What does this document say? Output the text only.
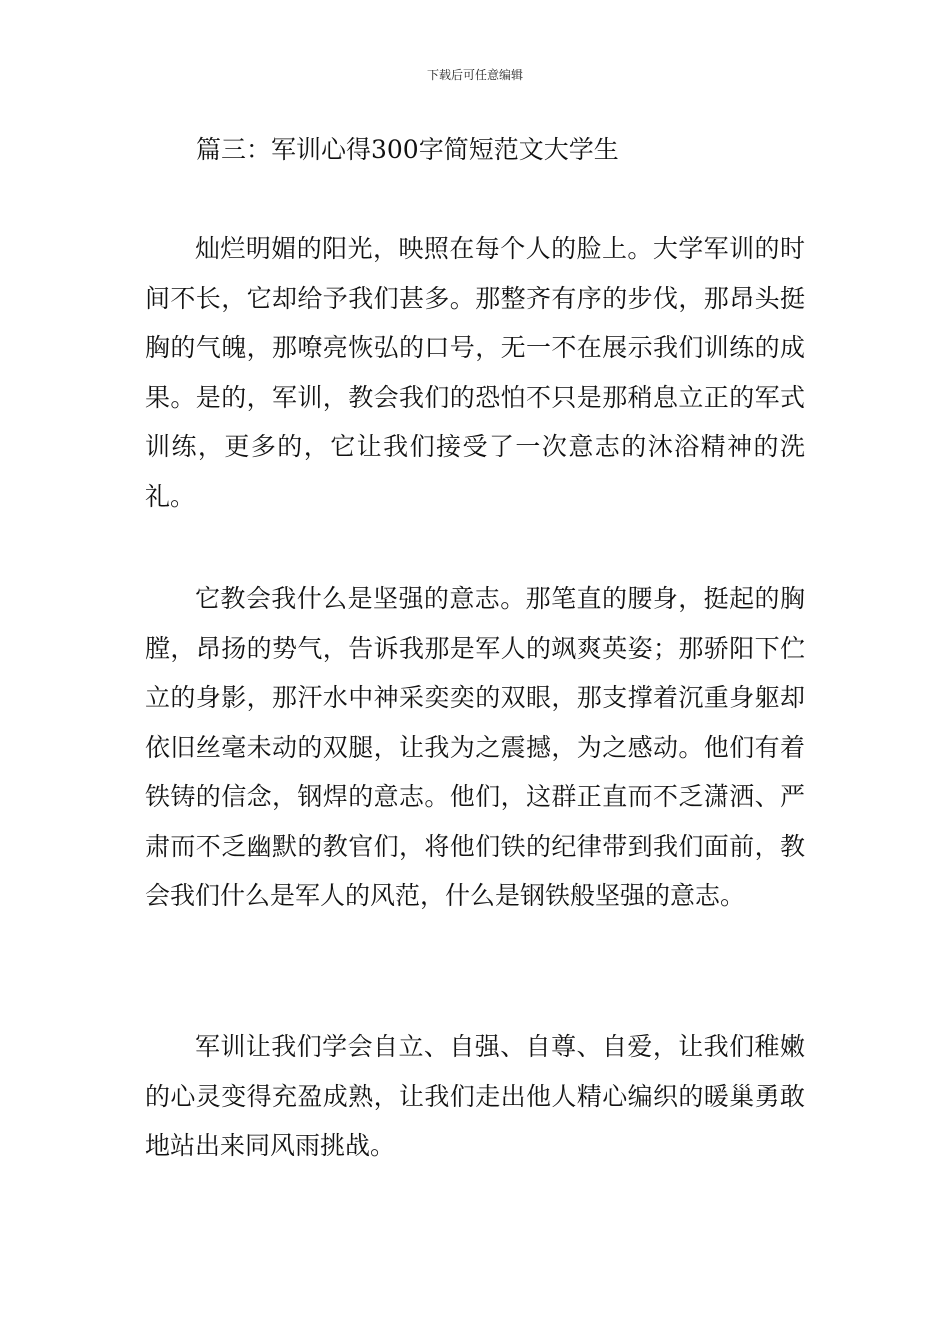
下载后可任意编辑
篇三：军训心得300字简短范文大学生

灿烂明媚的阳光，映照在每个人的脸上。大学军训的时间不长，它却给予我们甚多。那整齐有序的步伐，那昂头挺胸的气魄，那嘹亮恢弘的口号，无一不在展示我们训练的成果。是的，军训，教会我们的恐怕不只是那稍息立正的军式训练，更多的，它让我们接受了一次意志的沐浴精神的洗礼。

它教会我什么是坚强的意志。那笔直的腰身，挺起的胸膛，昂扬的势气，告诉我那是军人的飒爽英姿；那骄阳下伫立的身影，那汗水中神采奕奕的双眼，那支撑着沉重身躯却依旧丝毫未动的双腿，让我为之震撼，为之感动。他们有着铁铸的信念，钢焊的意志。他们，这群正直而不乏潇洒、严肃而不乏幽默的教官们，将他们铁的纪律带到我们面前，教会我们什么是军人的风范，什么是钢铁般坚强的意志。

军训让我们学会自立、自强、自尊、自爱，让我们稚嫩的心灵变得充盈成熟，让我们走出他人精心编织的暖巢勇敢地站出来同风雨挑战。
